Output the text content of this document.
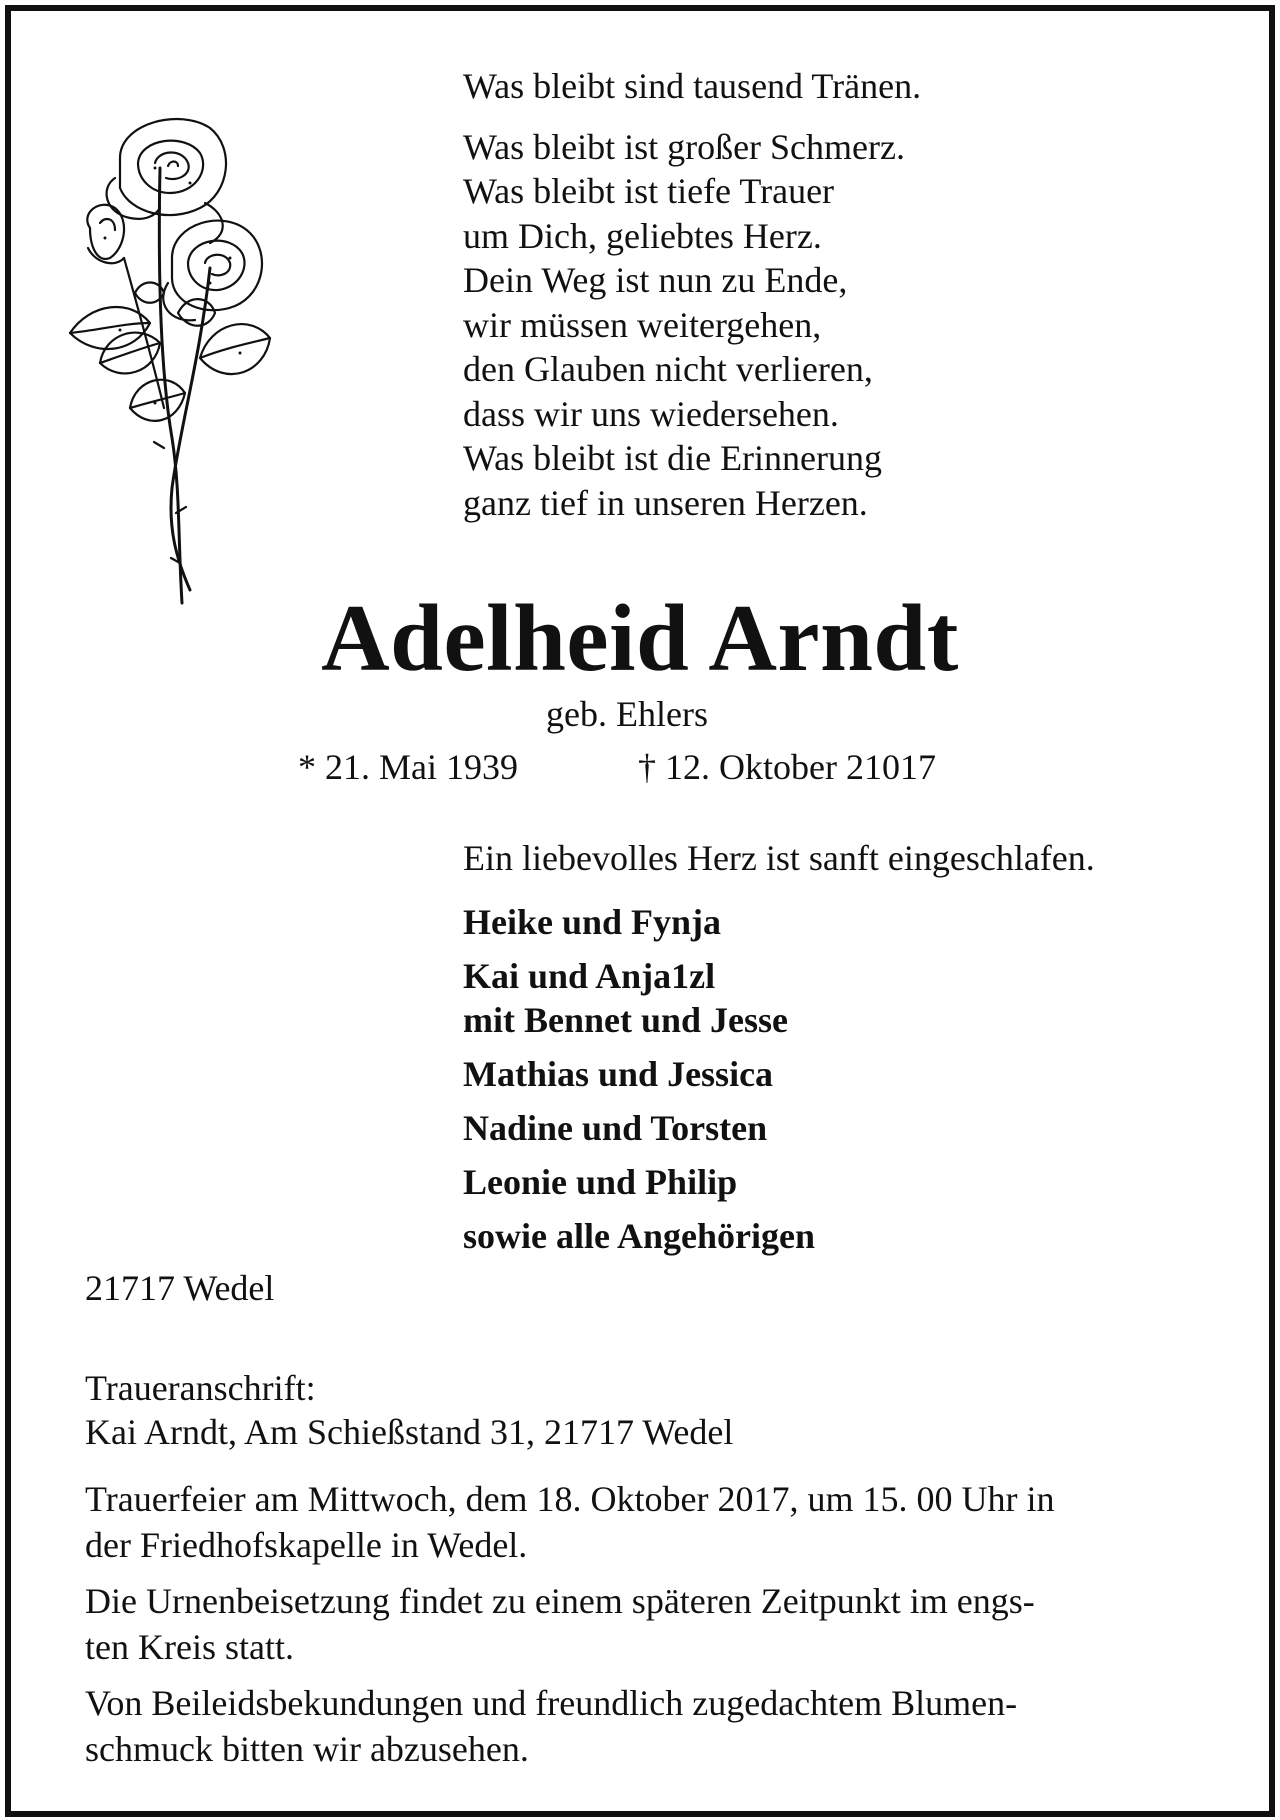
Was bleibt sind tausend Tränen.
Was bleibt ist großer Schmerz.
Was bleibt ist tiefe Trauer
um Dich, geliebtes Herz.
Dein Weg ist nun zu Ende,
wir müssen weitergehen,
den Glauben nicht verlieren,
dass wir uns wiedersehen.
Was bleibt ist die Erinnerung
ganz tief in unseren Herzen.
Adelheid Arndt
geb. Ehlers
* 21. Mai 1939	† 12. Oktober 21017
Ein liebevolles Herz ist sanft eingeschlafen.
Heike und Fynja
Kai und Anja1zl
mit Bennet und Jesse
Mathias und Jessica
Nadine und Torsten
Leonie und Philip
sowie alle Angehörigen
21717 Wedel
Traueranschrift:
Kai Arndt, Am Schießstand 31, 21717 Wedel

Trauerfeier am Mittwoch, dem 18. Oktober 2017, um 15. 00 Uhr in
der Friedhofskapelle in Wedel.

Die Urnenbeisetzung findet zu einem späteren Zeitpunkt im engs-
ten Kreis statt.

Von Beileidsbekundungen und freundlich zugedachtem Blumen-
schmuck bitten wir abzusehen.
